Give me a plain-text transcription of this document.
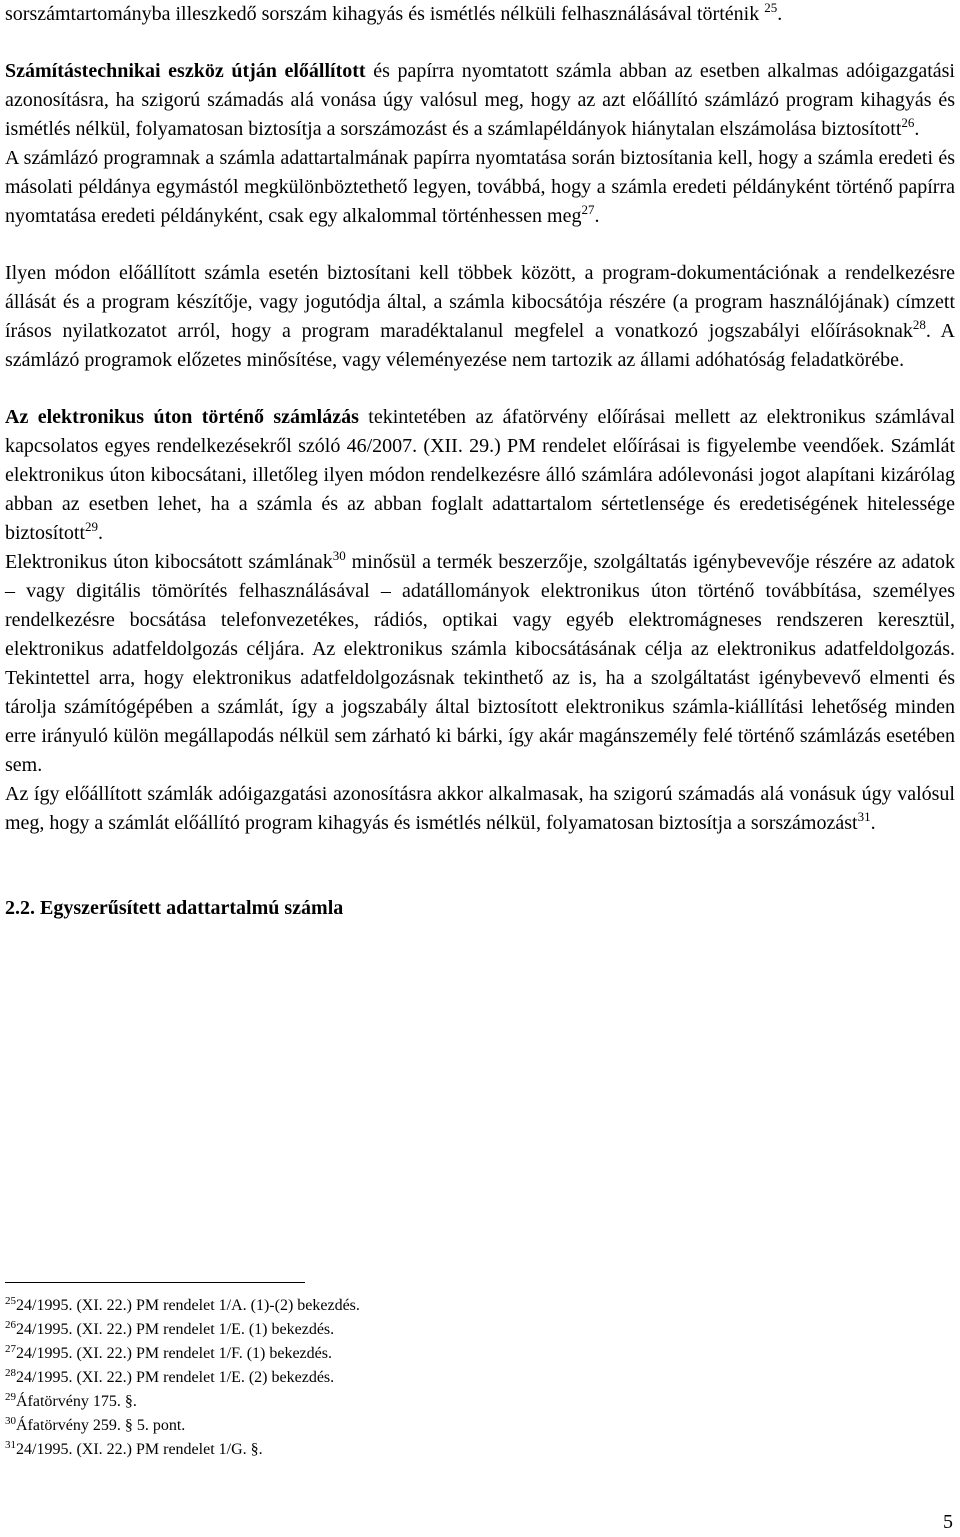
sorszámtartományba illeszkedő sorszám kihagyás és ismétlés nélküli felhasználásával történik $^{25}$.

Számítástechnikai eszköz útján előállított és papírra nyomtatott számla abban az esetben alkalmas adóigazgatási azonosításra, ha szigorú számadás alá vonása úgy valósul meg, hogy az azt előállító számlázó program kihagyás és ismétlés nélkül, folyamatosan biztosítja a sorszámozást és a számlapéldányok hiánytalan elszámolása biztosított$^{26}$.

A számlázó programnak a számla adattartalmának papírra nyomtatása során biztosítania kell, hogy a számla eredeti és másolati példánya egymástól megkülönböztethető legyen, továbbá, hogy a számla eredeti példányként történő papírra nyomtatása eredeti példányként, csak egy alkalommal történhessen meg$^{27}$.

Ilyen módon előállított számla esetén biztosítani kell többek között, a program-dokumentációnak a rendelkezésre állását és a program készítője, vagy jogutódja által, a számla kibocsátója részére (a program használójának) címzett írásos nyilatkozatot arról, hogy a program maradéktalanul megfelel a vonatkozó jogszabályi előírásoknak$^{28}$. A számlázó programok előzetes minősítése, vagy véleményezése nem tartozik az állami adóhatóság feladatkörébe.

Az elektronikus úton történő számlázás tekintetében az áfatörvény előírásai mellett az elektronikus számlával kapcsolatos egyes rendelkezésekről szóló 46/2007. (XII. 29.) PM rendelet előírásai is figyelembe veendőek. Számlát elektronikus úton kibocsátani, illetőleg ilyen módon rendelkezésre álló számlára adólevonási jogot alapítani kizárólag abban az esetben lehet, ha a számla és az abban foglalt adattartalom sértetlensége és eredetiségének hitelessége biztosított$^{29}$.

Elektronikus úton kibocsátott számlának$^{30}$ minősül a termék beszerzője, szolgáltatás igénybevevője részére az adatok – vagy digitális tömörítés felhasználásával – adatállományok elektronikus úton történő továbbítása, személyes rendelkezésre bocsátása telefonvezetékes, rádiós, optikai vagy egyéb elektromágneses rendszeren keresztül, elektronikus adatfeldolgozás céljára. Az elektronikus számla kibocsátásának célja az elektronikus adatfeldolgozás. Tekintettel arra, hogy elektronikus adatfeldolgozásnak tekinthető az is, ha a szolgáltatást igénybevevő elmenti és tárolja számítógépében a számlát, így a jogszabály által biztosított elektronikus számla-kiállítási lehetőség minden erre irányuló külön megállapodás nélkül sem zárható ki bárki, így akár magánszemély felé történő számlázás esetében sem.

Az így előállított számlák adóigazgatási azonosításra akkor alkalmasak, ha szigorú számadás alá vonásuk úgy valósul meg, hogy a számlát előállító program kihagyás és ismétlés nélkül, folyamatosan biztosítja a sorszámozást$^{31}$.

2.2. Egyszerűsített adattartalmú számla
$^{25}$24/1995. (XI. 22.) PM rendelet 1/A. (1)-(2) bekezdés.
$^{26}$24/1995. (XI. 22.) PM rendelet 1/E. (1) bekezdés.
$^{27}$24/1995. (XI. 22.) PM rendelet 1/F. (1) bekezdés.
$^{28}$24/1995. (XI. 22.) PM rendelet 1/E. (2) bekezdés.
$^{29}$Áfatörvény 175. §.
$^{30}$Áfatörvény 259. § 5. pont.
$^{31}$24/1995. (XI. 22.) PM rendelet 1/G. §.
5
